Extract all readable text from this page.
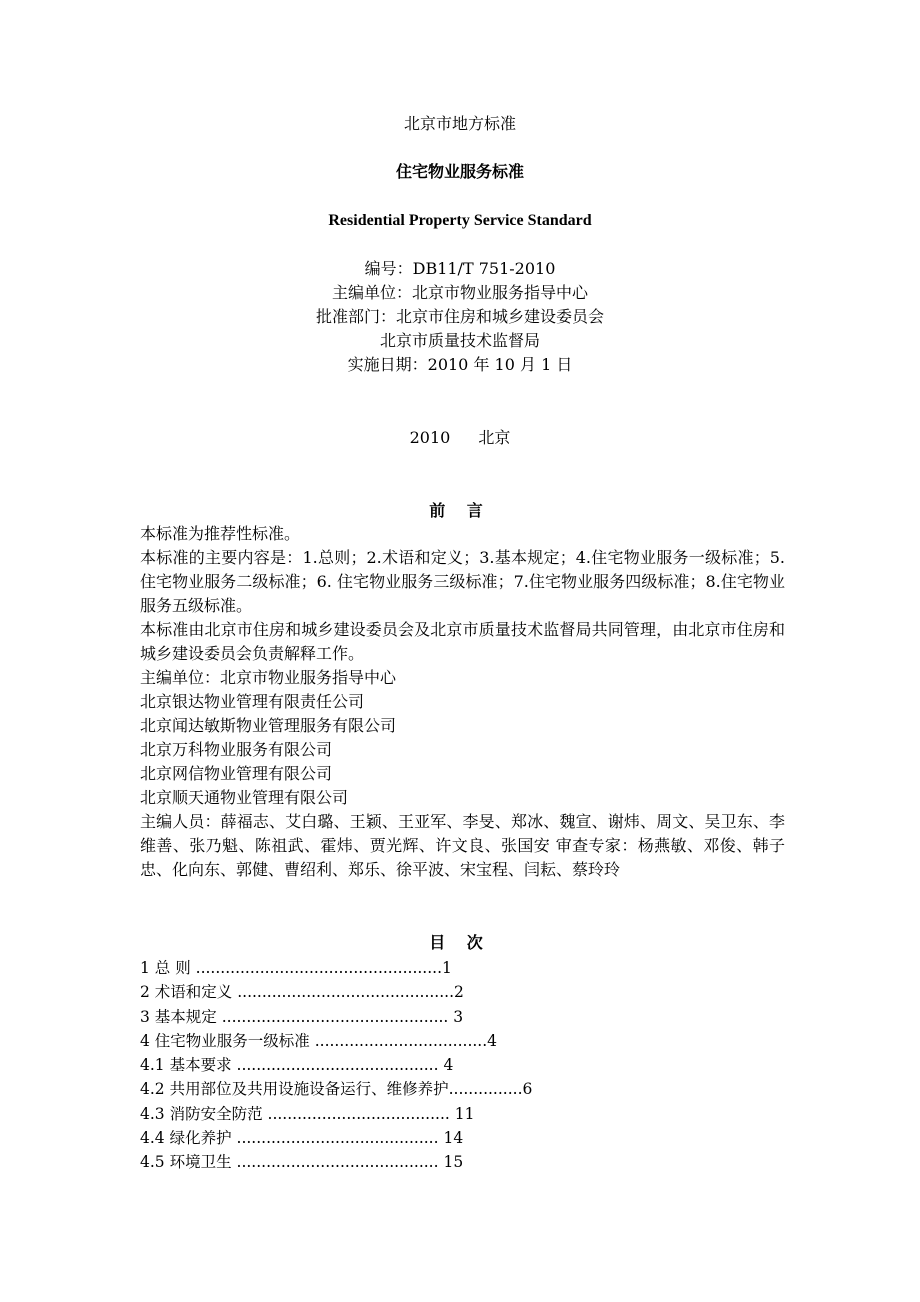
北京市地方标准
住宅物业服务标准
Residential Property Service Standard
编号：DB11/T 751-2010
主编单位：北京市物业服务指导中心
批准部门：北京市住房和城乡建设委员会
北京市质量技术监督局
实施日期：2010 年 10 月 1 日
2010 北京
前 言

本标准为推荐性标准。

本标准的主要内容是：1.总则；2.术语和定义；3.基本规定；4.住宅物业服务一级标准；5.住宅物业服务二级标准；6. 住宅物业服务三级标准；7.住宅物业服务四级标准；8.住宅物业服务五级标准。

本标准由北京市住房和城乡建设委员会及北京市质量技术监督局共同管理，由北京市住房和城乡建设委员会负责解释工作。

主编单位：北京市物业服务指导中心

北京银达物业管理有限责任公司

北京闻达敏斯物业管理服务有限公司

北京万科物业服务有限公司

北京网信物业管理有限公司

北京顺天通物业管理有限公司

主编人员：薛福志、艾白璐、王颖、王亚军、李旻、郑冰、魏宣、谢炜、周文、吴卫东、李维善、张乃魁、陈祖武、霍炜、贾光辉、许文良、张国安 审查专家：杨燕敏、邓俊、韩子忠、化向东、郭健、曹绍利、郑乐、徐平波、宋宝程、闫耘、蔡玲玲

目 次
1 总 则 ..................................................1
2 术语和定义 ............................................2
3 基本规定 .............................................. 3
4 住宅物业服务一级标准 ...................................4
4.1 基本要求 ......................................... 4
4.2 共用部位及共用设施设备运行、维修养护...............6
4.3 消防安全防范 ..................................... 11
4.4 绿化养护 ......................................... 14
4.5 环境卫生 ......................................... 15
